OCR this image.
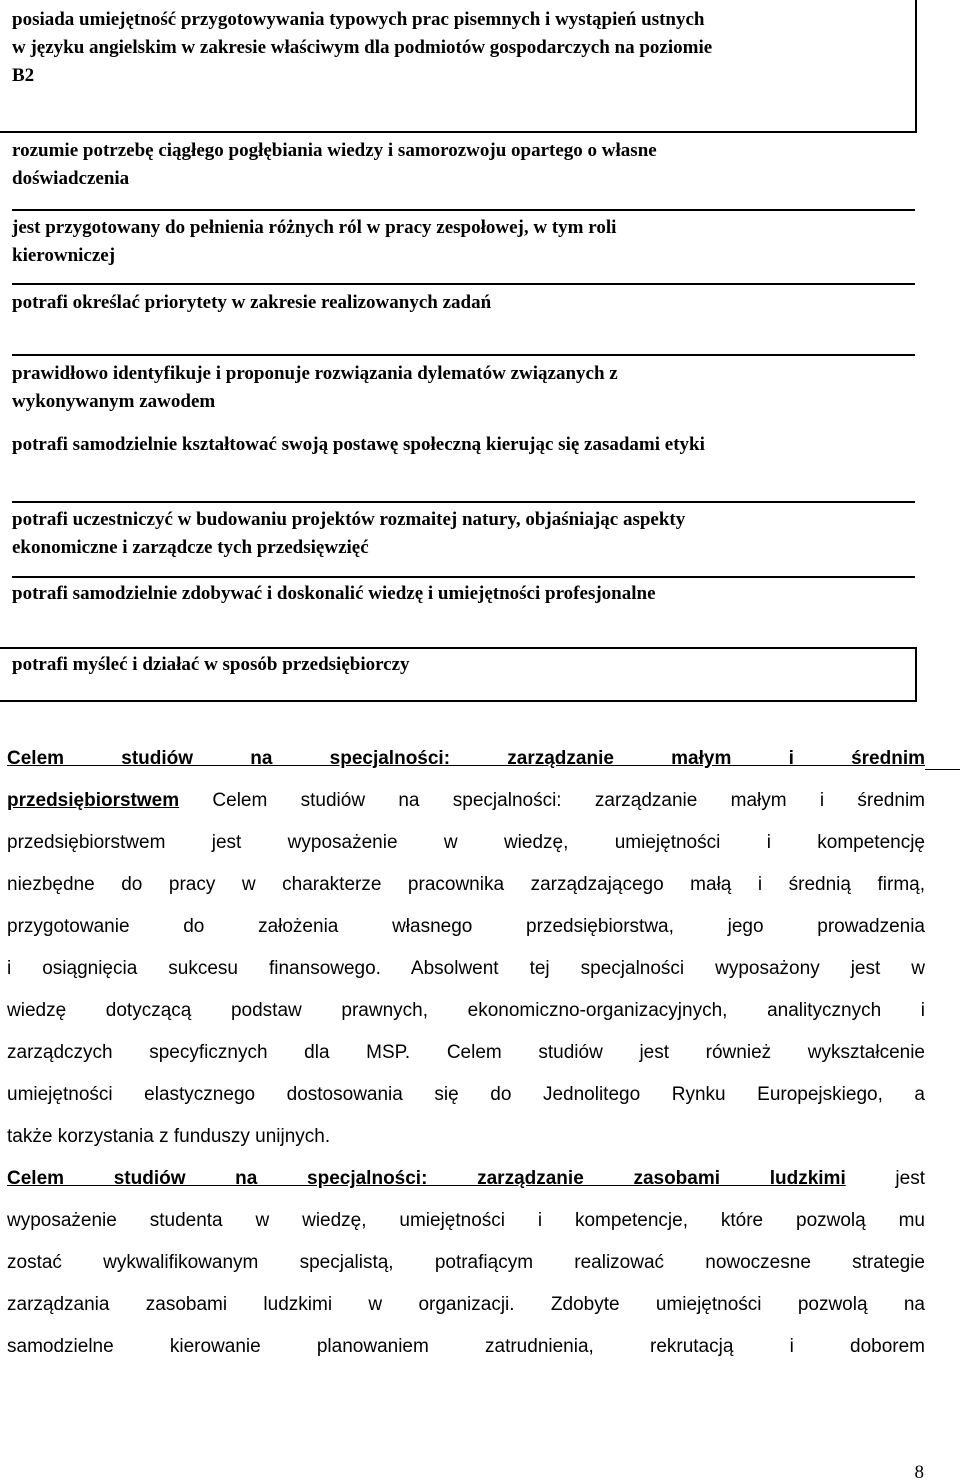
posiada umiejętność przygotowywania typowych prac pisemnych i wystąpień ustnych
w języku angielskim w zakresie właściwym dla podmiotów gospodarczych na poziomie
B2
rozumie potrzebę ciągłego pogłębiania wiedzy i samorozwoju opartego o własne
doświadczenia
jest przygotowany do pełnienia różnych ról w pracy zespołowej, w tym roli
kierowniczej
potrafi określać priorytety w zakresie realizowanych zadań
prawidłowo identyfikuje i proponuje rozwiązania dylematów związanych z
wykonywanym zawodem
potrafi samodzielnie kształtować swoją postawę społeczną kierując się zasadami etyki
potrafi uczestniczyć w budowaniu projektów rozmaitej natury, objaśniając aspekty
ekonomiczne i zarządcze tych przedsięwzięć
potrafi samodzielnie zdobywać i doskonalić wiedzę i umiejętności profesjonalne
potrafi myśleć i działać w sposób przedsiębiorczy
Celem studiów na specjalności: zarządzanie małym i średnim
przedsiębiorstwem Celem studiów na specjalności: zarządzanie małym i średnim
przedsiębiorstwem jest wyposażenie w wiedzę, umiejętności i kompetencję
niezbędne do pracy w charakterze pracownika zarządzającego małą i średnią firmą,
przygotowanie do założenia własnego przedsiębiorstwa, jego prowadzenia
i osiągnięcia sukcesu finansowego. Absolwent tej specjalności wyposażony jest w
wiedzę dotyczącą podstaw prawnych, ekonomiczno-organizacyjnych, analitycznych i
zarządczych specyficznych dla MSP. Celem studiów jest również wykształcenie
umiejętności elastycznego dostosowania się do Jednolitego Rynku Europejskiego, a
także korzystania z funduszy unijnych.
Celem studiów na specjalności: zarządzanie zasobami ludzkimi	jest
wyposażenie studenta w wiedzę, umiejętności i kompetencje, które pozwolą mu
zostać wykwalifikowanym specjalistą, potrafiącym realizować nowoczesne strategie
zarządzania zasobami ludzkimi w organizacji. Zdobyte umiejętności pozwolą na
samodzielne kierowanie planowaniem zatrudnienia, rekrutacją i doborem
8
